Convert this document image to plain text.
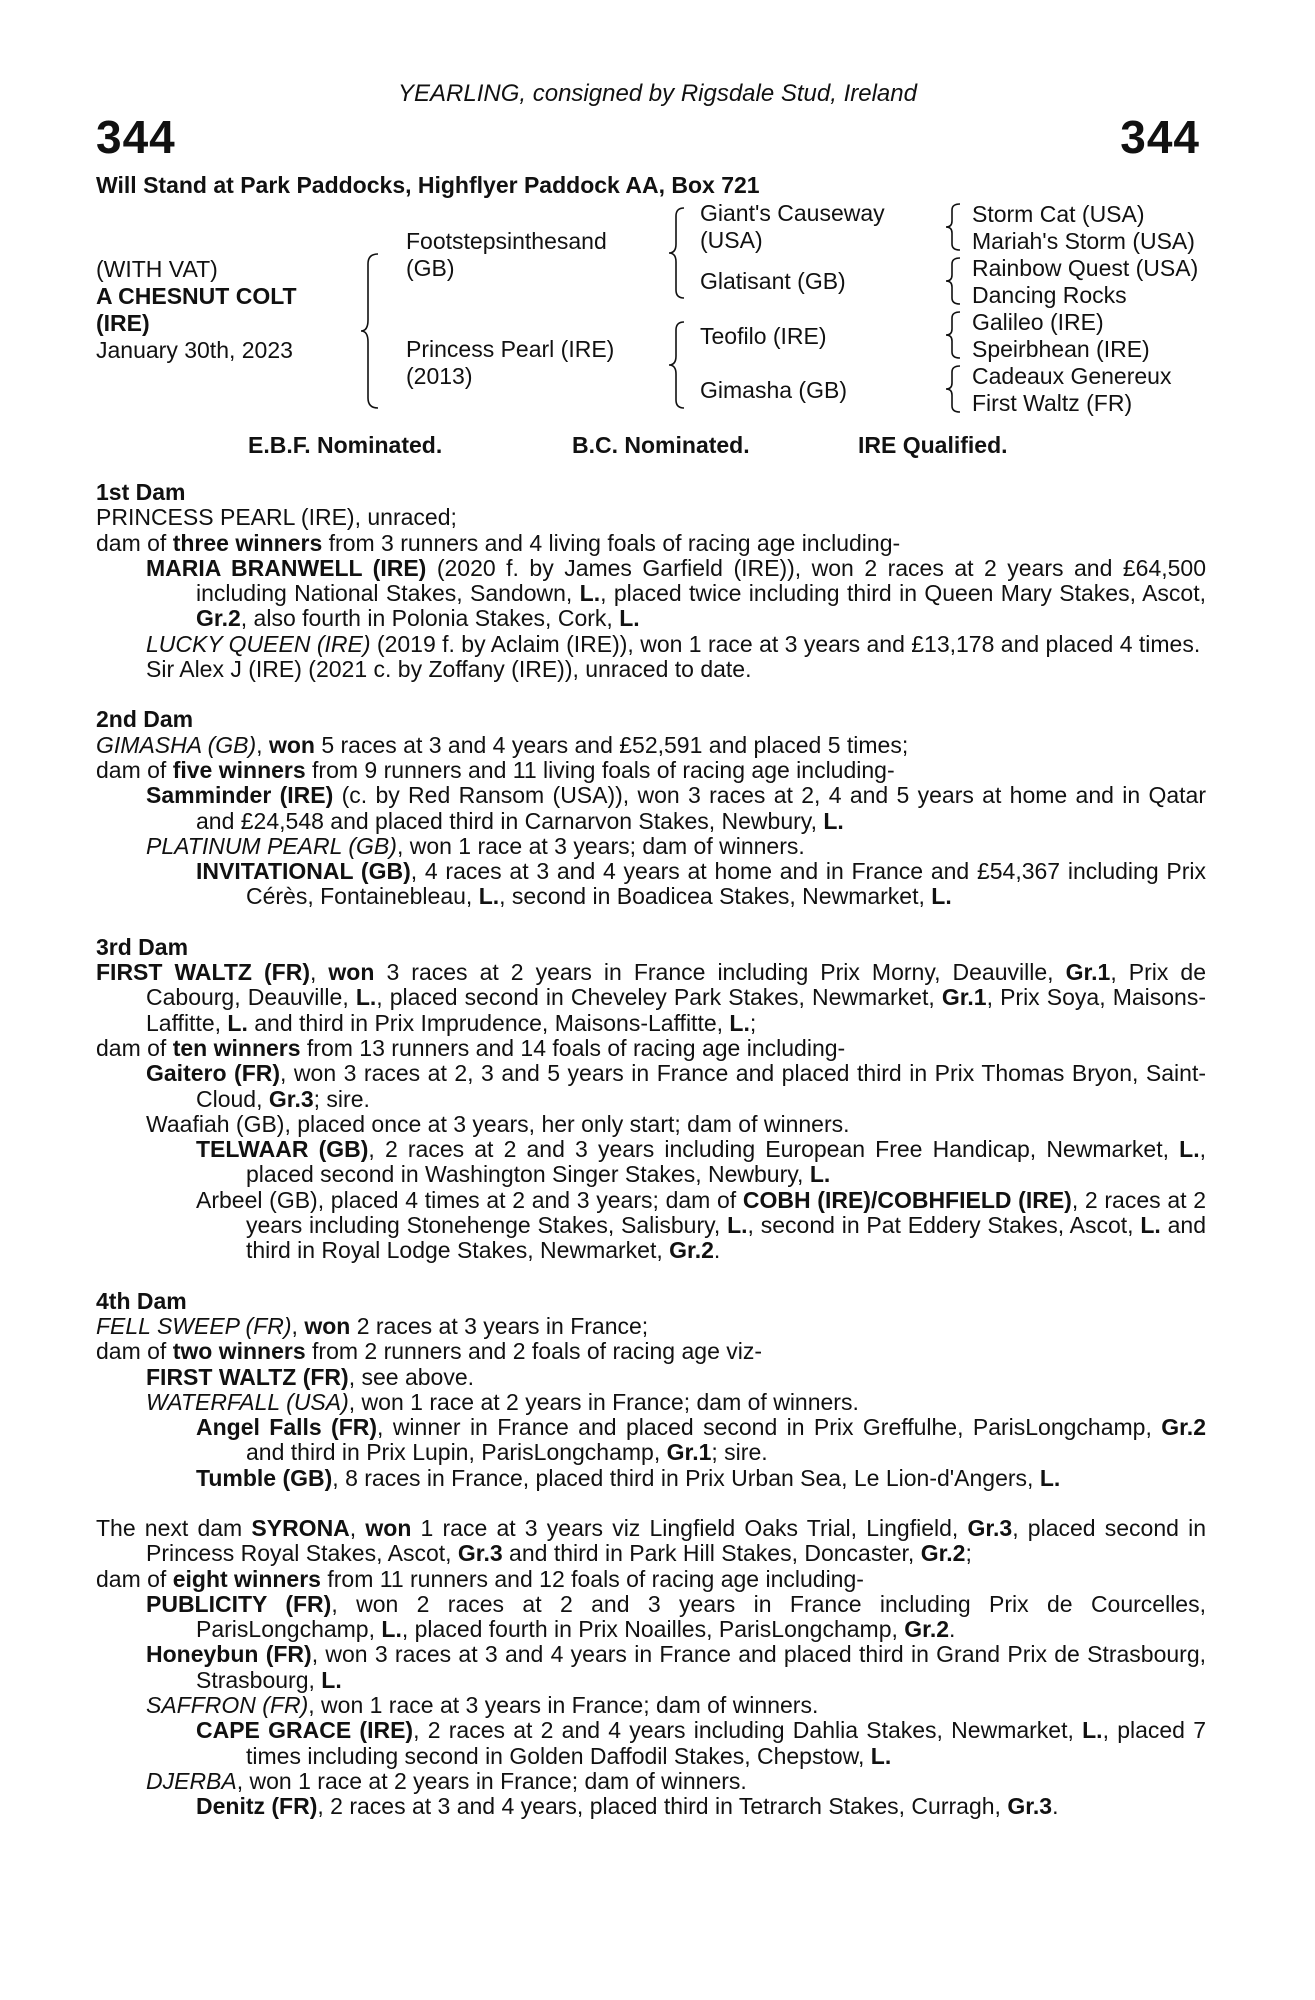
YEARLING, consigned by Rigsdale Stud, Ireland
344	344
Will Stand at Park Paddocks, Highflyer Paddock AA, Box 721
(WITH VAT)
A CHESNUT COLT
(IRE)
January 30th, 2023
Footstepsinthesand
(GB)
Princess Pearl (IRE)
(2013)
Giant's Causeway
(USA)
Glatisant (GB)
Teofilo (IRE)
Gimasha (GB)
Storm Cat (USA)
Mariah's Storm (USA)
Rainbow Quest (USA)
Dancing Rocks
Galileo (IRE)
Speirbhean (IRE)
Cadeaux Genereux
First Waltz (FR)
E.B.F. Nominated.	B.C. Nominated.	IRE Qualified.

1st Dam

PRINCESS PEARL (IRE), unraced;

dam of three winners from 3 runners and 4 living foals of racing age including-

MARIA BRANWELL (IRE) (2020 f. by James Garfield (IRE)), won 2 races at 2 years and £64,500 including National Stakes, Sandown, L., placed twice including third in Queen Mary Stakes, Ascot, Gr.2, also fourth in Polonia Stakes, Cork, L.

LUCKY QUEEN (IRE) (2019 f. by Aclaim (IRE)), won 1 race at 3 years and £13,178 and placed 4 times.

Sir Alex J (IRE) (2021 c. by Zoffany (IRE)), unraced to date.

2nd Dam

GIMASHA (GB), won 5 races at 3 and 4 years and £52,591 and placed 5 times;

dam of five winners from 9 runners and 11 living foals of racing age including-

Samminder (IRE) (c. by Red Ransom (USA)), won 3 races at 2, 4 and 5 years at home and in Qatar and £24,548 and placed third in Carnarvon Stakes, Newbury, L.

PLATINUM PEARL (GB), won 1 race at 3 years; dam of winners.

INVITATIONAL (GB), 4 races at 3 and 4 years at home and in France and £54,367 including Prix Cérès, Fontainebleau, L., second in Boadicea Stakes, Newmarket, L.

3rd Dam

FIRST WALTZ (FR), won 3 races at 2 years in France including Prix Morny, Deauville, Gr.1, Prix de Cabourg, Deauville, L., placed second in Cheveley Park Stakes, Newmarket, Gr.1, Prix Soya, Maisons-Laffitte, L. and third in Prix Imprudence, Maisons-Laffitte, L.;

dam of ten winners from 13 runners and 14 foals of racing age including-

Gaitero (FR), won 3 races at 2, 3 and 5 years in France and placed third in Prix Thomas Bryon, Saint-Cloud, Gr.3; sire.

Waafiah (GB), placed once at 3 years, her only start; dam of winners.

TELWAAR (GB), 2 races at 2 and 3 years including European Free Handicap, Newmarket, L., placed second in Washington Singer Stakes, Newbury, L.

Arbeel (GB), placed 4 times at 2 and 3 years; dam of COBH (IRE)/COBHFIELD (IRE), 2 races at 2 years including Stonehenge Stakes, Salisbury, L., second in Pat Eddery Stakes, Ascot, L. and third in Royal Lodge Stakes, Newmarket, Gr.2.

4th Dam

FELL SWEEP (FR), won 2 races at 3 years in France;

dam of two winners from 2 runners and 2 foals of racing age viz-

FIRST WALTZ (FR), see above.

WATERFALL (USA), won 1 race at 2 years in France; dam of winners.

Angel Falls (FR), winner in France and placed second in Prix Greffulhe, ParisLongchamp, Gr.2 and third in Prix Lupin, ParisLongchamp, Gr.1; sire.

Tumble (GB), 8 races in France, placed third in Prix Urban Sea, Le Lion-d'Angers, L.

The next dam SYRONA, won 1 race at 3 years viz Lingfield Oaks Trial, Lingfield, Gr.3, placed second in Princess Royal Stakes, Ascot, Gr.3 and third in Park Hill Stakes, Doncaster, Gr.2;

dam of eight winners from 11 runners and 12 foals of racing age including-

PUBLICITY (FR), won 2 races at 2 and 3 years in France including Prix de Courcelles, ParisLongchamp, L., placed fourth in Prix Noailles, ParisLongchamp, Gr.2.

Honeybun (FR), won 3 races at 3 and 4 years in France and placed third in Grand Prix de Strasbourg, Strasbourg, L.

SAFFRON (FR), won 1 race at 3 years in France; dam of winners.

CAPE GRACE (IRE), 2 races at 2 and 4 years including Dahlia Stakes, Newmarket, L., placed 7 times including second in Golden Daffodil Stakes, Chepstow, L.

DJERBA, won 1 race at 2 years in France; dam of winners.

Denitz (FR), 2 races at 3 and 4 years, placed third in Tetrarch Stakes, Curragh, Gr.3.
